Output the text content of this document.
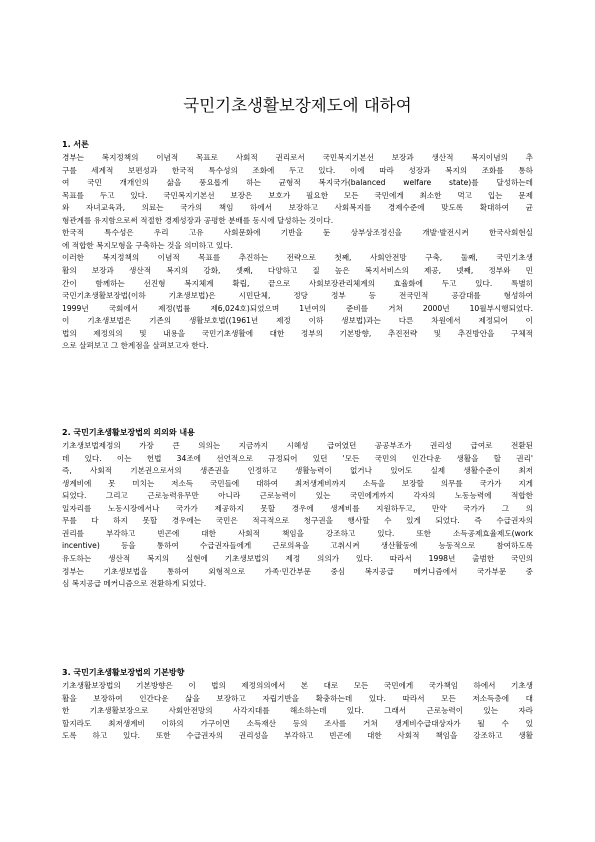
국민기초생활보장제도에 대하여
1. 서론
경부는 복지정책의 이념적 목표로 사회적 권리로서 국민복지기본선 보장과 생산적 복지이념의 추
구를 세계적 보편성과 한국적 특수성의 조화에 두고 있다. 이에 따라 성장과 복지의 조화를 통하
여 국민 개개인의 삶을 풍요롭게 하는 균형적 복지국가(balanced welfare state)를 달성하는데
목표를 두고 있다. 국민복지기본선 보장은 보호가 필요한 모든 국민에게 최소한 먹고 입는 문제
와 자녀교육과, 의료는 국가의 책임 하에서 보장하고 사회복지를 경제수준에 맞도록 확대하여 균
형관계를 유지함으로써 적절한 경제성장과 공평한 분배를 동시에 달성하는 것이다.
한국적 특수성은 우리 고유 사회문화에 기반을 둔 상부상조정신을 개발·발전시켜 한국사회현실
에 적합한 복지모형을 구축하는 것을 의미하고 있다.
이러한 복지정책의 이념적 목표를 추진하는 전략으로 첫째, 사회안전망 구축, 둘째, 국민기초생
활의 보장과 생산적 복지의 강화, 셋째, 다양하고 질 높은 복지서비스의 제공, 넷째, 정부와 민
간이 함께하는 선진형 복지체계 확립, 끝으로 사회보장관리체계의 효율화에 두고 있다. 특별히
국민기초생활보장법(이하 기초생보법)은 시민단체, 정당 정부 등 전국민적 공감대를 형성하여
1999년 국회에서 제정(법률 제6,024호)되었으며 1년여의 준비를 거쳐 2000년 10월부시행되었다.
이 기초생보법은 기존의 생활보호법((1961년 제정 이하 생보법)과는 다른 차원에서 제정되어 이
법의 제정의의 및 내용을 국민기초생활에 대한 정부의 기본방향, 추진전략 및 추진방안을 구체적
으로 살펴보고 그 한계점을 살펴보고자 한다.
2. 국민기초생활보장법의 의의와 내용
기초생보법제정의 가장 큰 의의는 지금까지 시혜성 급여였던 공공부조가 권리성 급여로 전환된
데 있다. 이는 헌법 34조에 선언적으로 규정되어 있던 '모든 국민의 인간다운 생활을 할 권리'
즉, 사회적 기본권으로서의 생존권을 인정하고 생활능력이 없거나 있어도 실제 생활수준이 최저
생계비에 못 미치는 저소득 국민들에 대하여 최저생계비까지 소득을 보장할 의무를 국가가 지게
되었다. 그리고 근로능력유무만 아니라 근로능력이 있는 국민에게까지 각자의 노동능력에 적합한
일자리를 노동시장에서나 국가가 제공하지 못할 경우에 생계비를 지원하두고, 만약 국가가 그 의
무를 다 하지 못할 경우에는 국민은 적극적으로 청구권을 행사할 수 있게 되었다. 즉 수급권자의
권리를 부각하고 빈곤에 대한 사회적 책임을 강조하고 있다. 또한 소득공제효율제도(work
incentive) 등을 통하여 수급권자들에게 근로의욕을 고취시켜 생산활동에 능동적으로 참여하도록
유도하는 생산적 복지의 실현에 기초생보법의 제정 의의가 있다. 따라서 1998년 출범한 국민의
정부는 기초생보법을 통하여 외형적으로 가족·민간부문 중심 복지공급 메커니즘에서 국가부문 중
심 복지공급 메커니즘으로 전환하게 되었다.
3. 국민기초생활보장법의 기본방향
기초생활보장법의 기본방향은 이 법의 제정의의에서 본 대로 모든 국민에게 국가책임 하에서 기초생
활을 보장하여 인간다운 삶을 보장하고 자립기반을 확충하는데 있다. 따라서 모든 저소득층에 대
한 기초생활보장으로 사회안전망의 사각지대를 해소하는데 있다. 그래서 근로능력이 있는 자라
할지라도 최저생계비 이하의 가구이면 소득재산 등의 조사를 거쳐 생계비수급대상자가 될 수 있
도록 하고 있다. 또한 수급권자의 권리성을 부각하고 빈곤에 대한 사회적 책임을 강조하고 생활
